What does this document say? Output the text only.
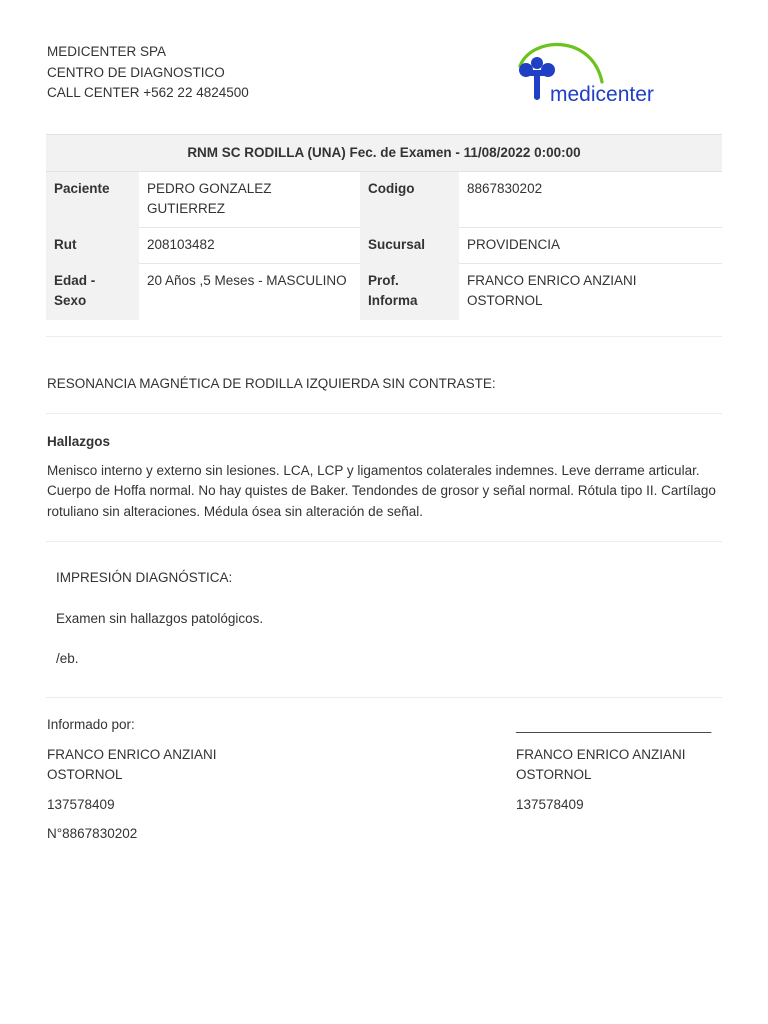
MEDICENTER SPA
CENTRO DE DIAGNOSTICO
CALL CENTER +562 22 4824500	medicenter
RNM SC RODILLA (UNA) Fec. de Examen - 11/08/2022 0:00:00			
Paciente	PEDRO GONZALEZ GUTIERREZ	Codigo	8867830202
Rut	208103482	Sucursal	PROVIDENCIA
Edad - Sexo	20 Años ,5 Meses - MASCULINO	Prof. Informa	FRANCO ENRICO ANZIANI OSTORNOL
RESONANCIA MAGNÉTICA DE RODILLA IZQUIERDA SIN CONTRASTE:
Hallazgos
Menisco interno y externo sin lesiones. LCA, LCP y ligamentos colaterales indemnes. Leve derrame articular. Cuerpo de Hoffa normal. No hay quistes de Baker. Tendondes de grosor y señal normal. Rótula tipo II. Cartílago rotuliano sin alteraciones. Médula ósea sin alteración de señal.
IMPRESIÓN DIAGNÓSTICA:
Examen sin hallazgos patológicos.
/eb.
Informado por:
FRANCO ENRICO ANZIANI OSTORNOL
137578409
N°8867830202
__________________________
FRANCO ENRICO ANZIANI OSTORNOL
137578409
